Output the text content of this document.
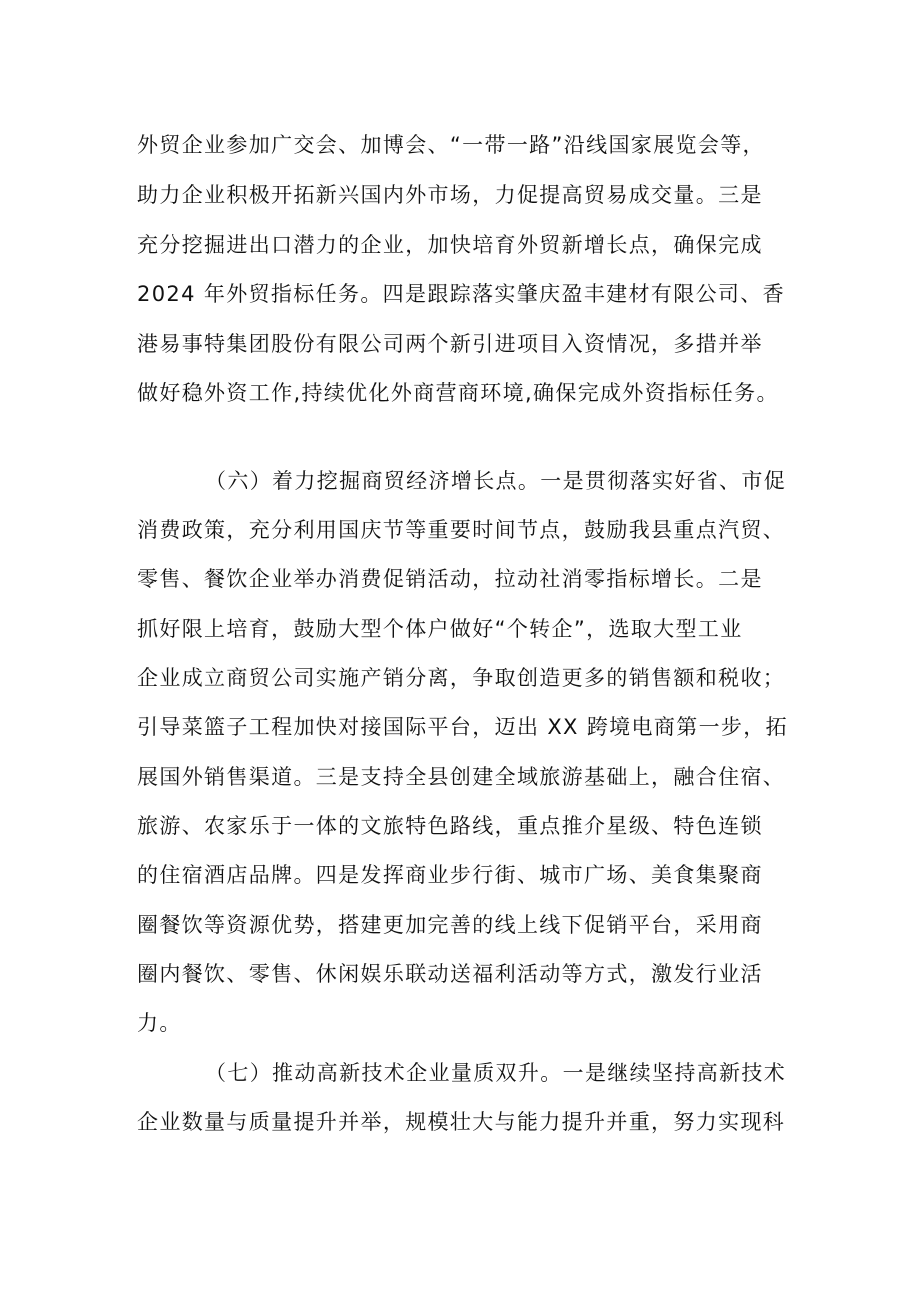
外贸企业参加广交会、加博会、“一带一路”沿线国家展览会等，
助力企业积极开拓新兴国内外市场，力促提高贸易成交量。三是
充分挖掘进出口潜力的企业，加快培育外贸新增长点，确保完成
2024 年外贸指标任务。四是跟踪落实肇庆盈丰建材有限公司、香
港易事特集团股份有限公司两个新引进项目入资情况，多措并举
做好稳外资工作,持续优化外商营商环境,确保完成外资指标任务。
（六）着力挖掘商贸经济增长点。一是贯彻落实好省、市促
消费政策，充分利用国庆节等重要时间节点，鼓励我县重点汽贸、
零售、餐饮企业举办消费促销活动，拉动社消零指标增长。二是
抓好限上培育，鼓励大型个体户做好“个转企”，选取大型工业
企业成立商贸公司实施产销分离，争取创造更多的销售额和税收；
引导菜篮子工程加快对接国际平台，迈出 XX 跨境电商第一步，拓
展国外销售渠道。三是支持全县创建全域旅游基础上，融合住宿、
旅游、农家乐于一体的文旅特色路线，重点推介星级、特色连锁
的住宿酒店品牌。四是发挥商业步行街、城市广场、美食集聚商
圈餐饮等资源优势，搭建更加完善的线上线下促销平台，采用商
圈内餐饮、零售、休闲娱乐联动送福利活动等方式，激发行业活
力。
（七）推动高新技术企业量质双升。一是继续坚持高新技术
企业数量与质量提升并举，规模壮大与能力提升并重，努力实现科
